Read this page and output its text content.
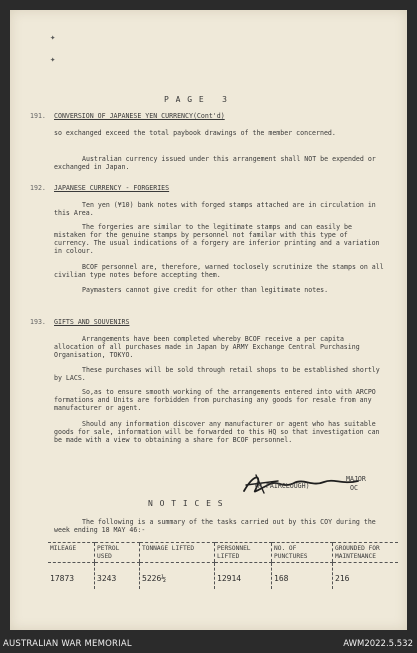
✦
✦
P A G E   3
191. CONVERSION OF JAPANESE YEN CURRENCY(Cont'd)
so exchanged exceed the total paybook drawings of the member concerned.
Australian currency issued under this arrangement shall NOT be expended or exchanged in Japan.
192. JAPANESE CURRENCY - FORGERIES
Ten yen (¥10) bank notes with forged stamps attached are in circulation in this Area.
The forgeries are similar to the legitimate stamps and can easily be mistaken for the genuine stamps by personnel not familar with this type of currency. The usual indications of a forgery are inferior printing and a variation in colour.
BCOF personnel are, therefore, warned toclosely scrutinize the stamps on all civilian type notes before accepting them.
Paymasters cannot give credit for other than legitimate notes.
193. GIFTS AND SOUVENIRS
Arrangements have been completed whereby BCOF receive a per capita allocation of all purchases made in Japan by ARMY Exchange Central Purchasing Organisation, TOKYO.
These purchases will be sold through retail shops to be established shortly by LACS.
So,as to ensure smooth working of the arrangements entered into with ARCPO formations and Units are forbidden from purchasing any goods for resale from any manufacturer or agent.
Should any information discover any manufacturer or agent who has suitable goods for sale, information will be forwarded to this HQ so that investigation can be made with a view to obtaining a share for BCOF personnel.
(H.FAIRCLOUGH)
MAJOR
OC
N O T I C E S
The following is a summary of the tasks carried out by this COY during the week ending 18 MAY 46:-
MILEAGE	PETROL USED	TONNAGE LIFTED	PERSONNEL LIFTED	NO. OF PUNCTURES	GROUNDED FOR MAINTENANCE
17873	3243	5226½	12914	168	216
AUSTRALIAN WAR MEMORIAL	AWM2022.5.532
